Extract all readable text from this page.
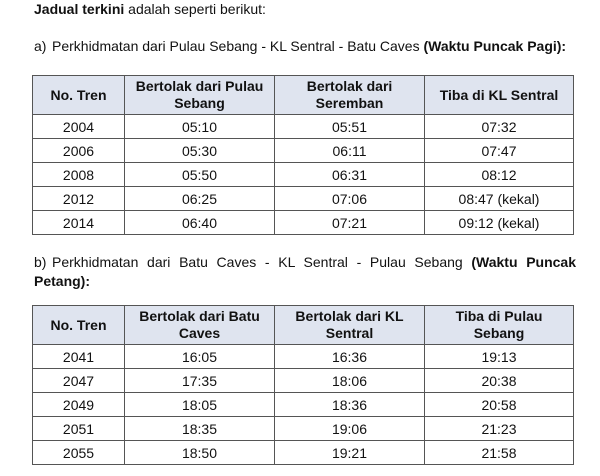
Jadual terkini adalah seperti berikut:
a) Perkhidmatan dari Pulau Sebang - KL Sentral - Batu Caves (Waktu Puncak Pagi):
No. Tren	Bertolak dari Pulau Sebang	Bertolak dari Seremban	Tiba di KL Sentral
2004	05:10	05:51	07:32
2006	05:30	06:11	07:47
2008	05:50	06:31	08:12
2012	06:25	07:06	08:47 (kekal)
2014	06:40	07:21	09:12 (kekal)
b) Perkhidmatan dari Batu Caves - KL Sentral - Pulau Sebang (Waktu Puncak Petang):
No. Tren	Bertolak dari Batu Caves	Bertolak dari KL Sentral	Tiba di Pulau Sebang
2041	16:05	16:36	19:13
2047	17:35	18:06	20:38
2049	18:05	18:36	20:58
2051	18:35	19:06	21:23
2055	18:50	19:21	21:58
